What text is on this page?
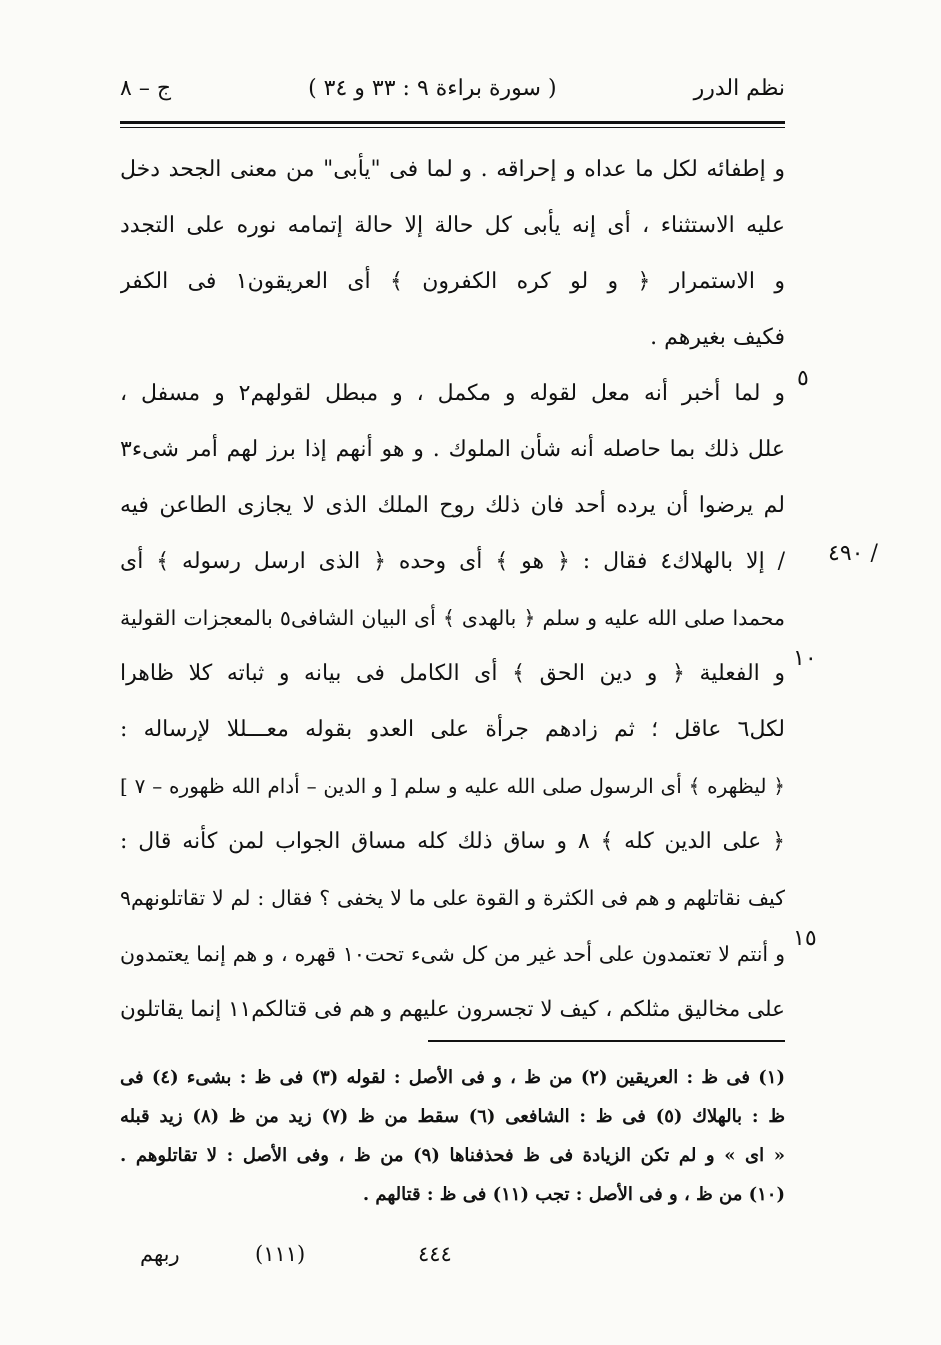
نظم الدرر
( سورة براءة ٩ : ٣٣ و ٣٤ )
ج – ٨
و إطفائه لكل ما عداه و إحراقه . و لما فى "يأبى" من معنى الجحد دخل
عليه الاستثناء ، أى إنه يأبى كل حالة إلا حالة إتمامه نوره على التجدد
و الاستمرار ﴿ و لو كره الكفرون ﴾ أى العريقون١ فى الكفر
فكيف بغيرهم .
و لما أخبر أنه معل لقوله و مكمل ، و مبطل لقولهم٢ و مسفل ،
علل ذلك بما حاصله أنه شأن الملوك . و هو أنهم إذا برز لهم أمر شىء٣
لم يرضوا أن يرده أحد فان ذلك روح الملك الذى لا يجازى الطاعن فيه
/ إلا بالهلاك٤ فقال : ﴿ هو ﴾ أى وحده ﴿ الذى ارسل رسوله ﴾ أى
محمدا صلى الله عليه و سلم ﴿ بالهدى ﴾ أى البيان الشافى٥ بالمعجزات القولية
و الفعلية ﴿ و دين الحق ﴾ أى الكامل فى بيانه و ثباته كلا ظاهرا
لكل٦ عاقل ؛ ثم زادهم جرأة على العدو بقوله معـــللا لإرساله :
﴿ ليظهره ﴾ أى الرسول صلى الله عليه و سلم [ و الدين – أدام الله ظهوره – ٧ ]
﴿ على الدين كله ﴾ ٨ و ساق ذلك كله مساق الجواب لمن كأنه قال :
كيف نقاتلهم و هم فى الكثرة و القوة على ما لا يخفى ؟ فقال : لم لا تقاتلونهم٩
و أنتم لا تعتمدون على أحد غير من كل شىء تحت١٠ قهره ، و هم إنما يعتمدون
على مخاليق مثلكم ، كيف لا تجسرون عليهم و هم فى قتالكم١١ إنما يقاتلون
٥
١٠
١٥
٤٩٠ /
(١) فى ظ : العريقين (٢) من ظ ، و فى الأصل : لقوله (٣) فى ظ : بشىء (٤) فى
ظ : بالهلاك (٥) فى ظ : الشافعى (٦) سقط من ظ (٧) زيد من ظ (٨) زيد قبله
« اى » و لم تكن الزيادة فى ظ فحذفناها (٩) من ظ ، وفى الأصل : لا تقاتلوهم .
(١٠) من ظ ، و فى الأصل : تجب (١١) فى ظ : قتالهم .
٤٤٤
(١١١)
ربهم
